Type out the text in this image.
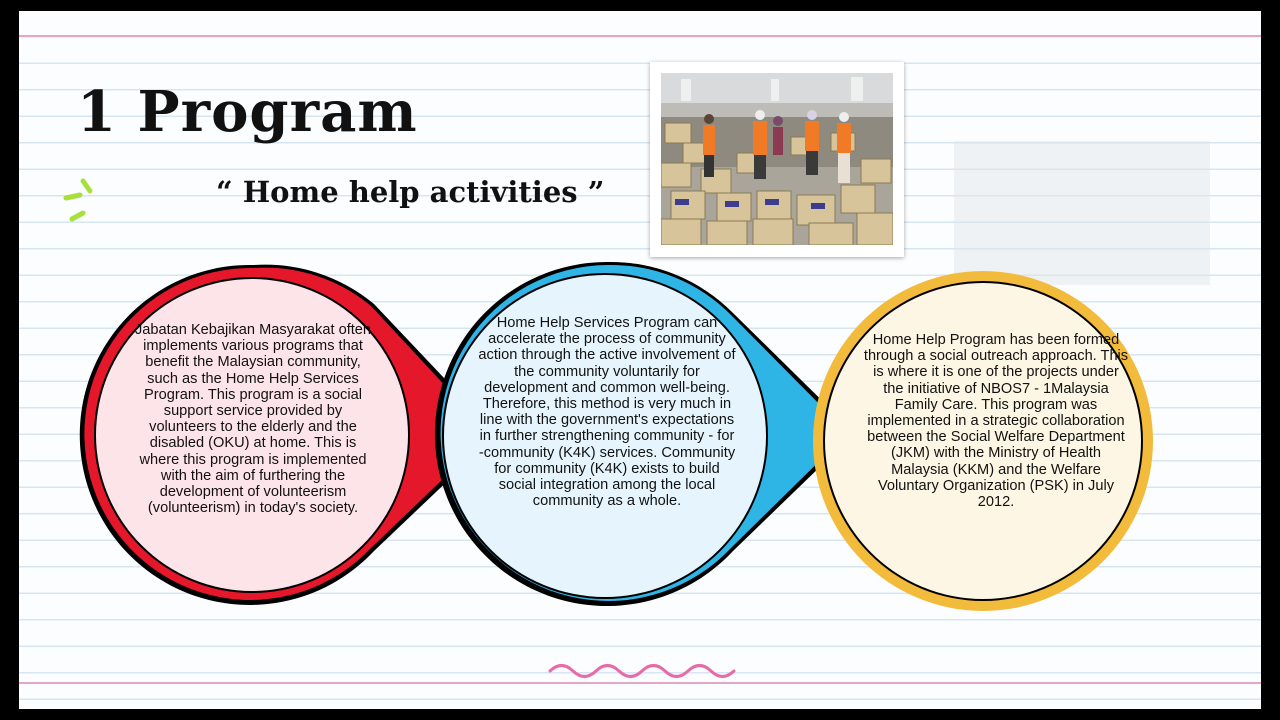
1 Program
“ Home help activities ”

Jabatan Kebajikan Masyarakat often implements various programs that benefit the Malaysian community, such as the Home Help Services Program. This program is a social support service provided by volunteers to the elderly and the disabled (OKU) at home. This is where this program is implemented with the aim of furthering the development of volunteerism (volunteerism) in today's society.

Home Help Services Program can accelerate the process of community action through the active involvement of the community voluntarily for development and common well-being. Therefore, this method is very much in line with the government's expectations in further strengthening community - for -community (K4K) services. Community for community (K4K) exists to build social integration among the local community as a whole.

Home Help Program has been formed through a social outreach approach. This is where it is one of the projects under the initiative of NBOS7 - 1Malaysia Family Care. This program was implemented in a strategic collaboration between the Social Welfare Department (JKM) with the Ministry of Health Malaysia (KKM) and the Welfare Voluntary Organization (PSK) in July 2012.
